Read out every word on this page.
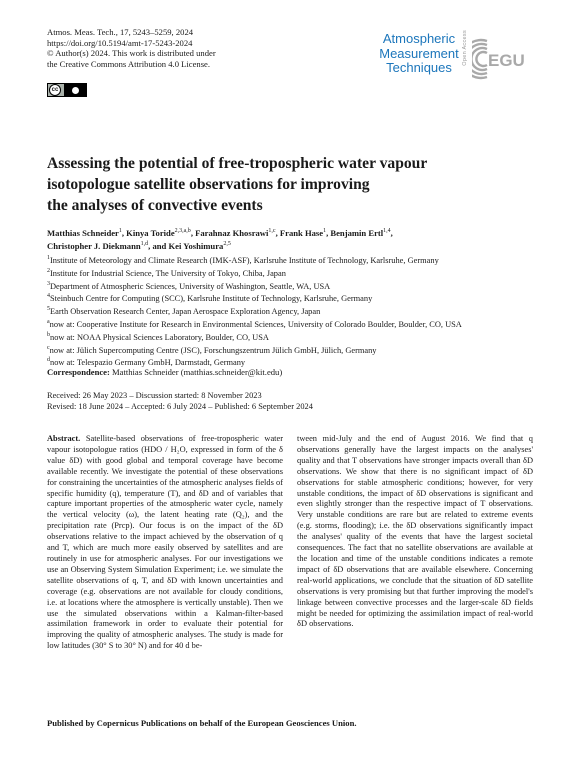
Atmos. Meas. Tech., 17, 5243–5259, 2024
https://doi.org/10.5194/amt-17-5243-2024
© Author(s) 2024. This work is distributed under
the Creative Commons Attribution 4.0 License.
cc
Atmospheric
Measurement
Techniques
Open Access EGU
Assessing the potential of free-tropospheric water vapour
isotopologue satellite observations for improving
the analyses of convective events
Matthias Schneider$^1$, Kinya Toride$^{2,3,a,b}$, Farahnaz Khosrawi$^{1,c}$, Frank Hase$^1$, Benjamin Ertl$^{1,4}$,
Christopher J. Diekmann$^{1,d}$, and Kei Yoshimura$^{2,5}$
$^1$Institute of Meteorology and Climate Research (IMK-ASF), Karlsruhe Institute of Technology, Karlsruhe, Germany
$^2$Institute for Industrial Science, The University of Tokyo, Chiba, Japan
$^3$Department of Atmospheric Sciences, University of Washington, Seattle, WA, USA
$^4$Steinbuch Centre for Computing (SCC), Karlsruhe Institute of Technology, Karlsruhe, Germany
$^5$Earth Observation Research Center, Japan Aerospace Exploration Agency, Japan
$^a$now at: Cooperative Institute for Research in Environmental Sciences, University of Colorado Boulder, Boulder, CO, USA
$^b$now at: NOAA Physical Sciences Laboratory, Boulder, CO, USA
$^c$now at: Jülich Supercomputing Centre (JSC), Forschungszentrum Jülich GmbH, Jülich, Germany
$^d$now at: Telespazio Germany GmbH, Darmstadt, Germany
Correspondence: Matthias Schneider (matthias.schneider@kit.edu)
Received: 26 May 2023 – Discussion started: 8 November 2023
Revised: 18 June 2024 – Accepted: 6 July 2024 – Published: 6 September 2024
Abstract. Satellite-based observations of free-tropospheric water vapour isotopologue ratios (HDO / H₂O, expressed in form of the δ value δD) with good global and temporal coverage have become available recently. We investigate the potential of these observations for constraining the uncertainties of the atmospheric analyses fields of specific humidity (q), temperature (T), and δD and of variables that capture important properties of the atmospheric water cycle, namely the vertical velocity (ω), the latent heating rate (Q₂), and the precipitation rate (Prcp). Our focus is on the impact of the δD observations relative to the impact achieved by the observation of q and T, which are much more easily observed by satellites and are routinely in use for atmospheric analyses. For our investigations we use an Observing System Simulation Experiment; i.e. we simulate the satellite observations of q, T, and δD with known uncertainties and coverage (e.g. observations are not available for cloudy conditions, i.e. at locations where the atmosphere is vertically unstable). Then we use the simulated observations within a Kalman-filter-based assimilation framework in order to evaluate their potential for improving the quality of atmospheric analyses. The study is made for low latitudes (30° S to 30° N) and for 40 d be-
tween mid-July and the end of August 2016. We find that q observations generally have the largest impacts on the analyses' quality and that T observations have stronger impacts overall than δD observations. We show that there is no significant impact of δD observations for stable atmospheric conditions; however, for very unstable conditions, the impact of δD observations is significant and even slightly stronger than the respective impact of T observations. Very unstable conditions are rare but are related to extreme events (e.g. storms, flooding); i.e. the δD observations significantly impact the analyses' quality of the events that have the largest societal consequences. The fact that no satellite observations are available at the location and time of the unstable conditions indicates a remote impact of δD observations that are available elsewhere. Concerning real-world applications, we conclude that the situation of δD satellite observations is very promising but that further improving the model's linkage between convective processes and the larger-scale δD fields might be needed for optimizing the assimilation impact of real-world δD observations.
Published by Copernicus Publications on behalf of the European Geosciences Union.
